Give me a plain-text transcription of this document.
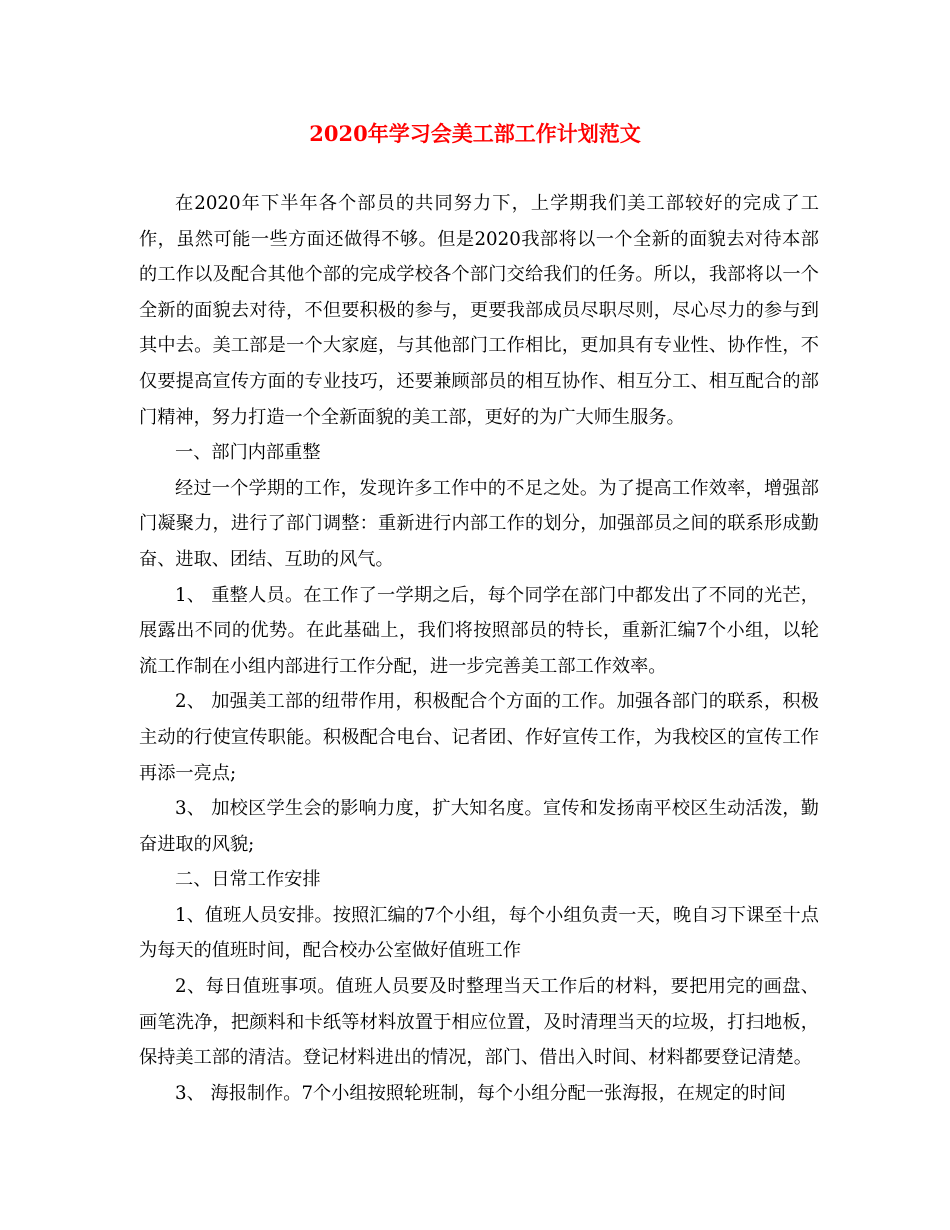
2020年学习会美工部工作计划范文

在2020年下半年各个部员的共同努力下，上学期我们美工部较好的完成了工作，虽然可能一些方面还做得不够。但是2020我部将以一个全新的面貌去对待本部的工作以及配合其他个部的完成学校各个部门交给我们的任务。所以，我部将以一个全新的面貌去对待，不但要积极的参与，更要我部成员尽职尽则，尽心尽力的参与到其中去。美工部是一个大家庭，与其他部门工作相比，更加具有专业性、协作性，不仅要提高宣传方面的专业技巧，还要兼顾部员的相互协作、相互分工、相互配合的部门精神，努力打造一个全新面貌的美工部，更好的为广大师生服务。

一、部门内部重整

经过一个学期的工作，发现许多工作中的不足之处。为了提高工作效率，增强部门凝聚力，进行了部门调整：重新进行内部工作的划分，加强部员之间的联系形成勤奋、进取、团结、互助的风气。

1、 重整人员。在工作了一学期之后，每个同学在部门中都发出了不同的光芒，展露出不同的优势。在此基础上，我们将按照部员的特长，重新汇编7个小组，以轮流工作制在小组内部进行工作分配，进一步完善美工部工作效率。

2、 加强美工部的纽带作用，积极配合个方面的工作。加强各部门的联系，积极主动的行使宣传职能。积极配合电台、记者团、作好宣传工作，为我校区的宣传工作再添一亮点;

3、 加校区学生会的影响力度，扩大知名度。宣传和发扬南平校区生动活泼，勤奋进取的风貌;

二、日常工作安排

1、值班人员安排。按照汇编的7个小组，每个小组负责一天，晚自习下课至十点为每天的值班时间，配合校办公室做好值班工作

2、每日值班事项。值班人员要及时整理当天工作后的材料，要把用完的画盘、画笔洗净，把颜料和卡纸等材料放置于相应位置，及时清理当天的垃圾，打扫地板，保持美工部的清洁。登记材料进出的情况，部门、借出入时间、材料都要登记清楚。

3、 海报制作。7个小组按照轮班制，每个小组分配一张海报，在规定的时间
